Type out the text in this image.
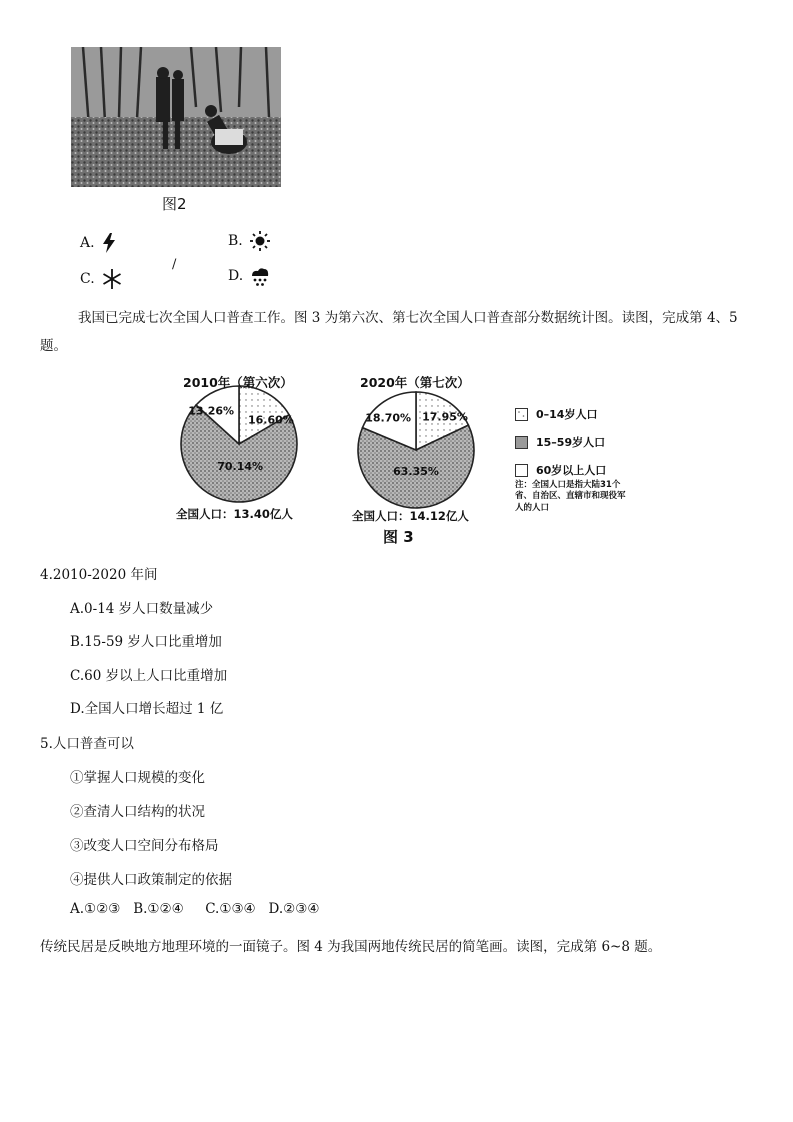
图2
A.	B.
C.
/
D.
我国已完成七次全国人口普查工作。图 3 为第六次、第七次全国人口普查部分数据统计图。读图，完成第 4、5 题。
16.60%
70.14%
13.26%	17.95%
63.35%
18.70%
2010年（第六次）	2020年（第七次）
全国人口：13.40亿人	全国人口：14.12亿人
0–14岁人口
15–59岁人口
60岁以上人口
注：全国人口是指大陆31个省、自治区、直辖市和现役军人的人口
图 3
4.2010-2020 年间
A.0-14 岁人口数量减少
B.15-59 岁人口比重增加
C.60 岁以上人口比重增加
D.全国人口增长超过 1 亿
5.人口普查可以
①掌握人口规模的变化
②查清人口结构的状况
③改变人口空间分布格局
④提供人口政策制定的依据
A.①②③   B.①②④     C.①③④   D.②③④
传统民居是反映地方地理环境的一面镜子。图 4 为我国两地传统民居的简笔画。读图，完成第 6~8 题。
